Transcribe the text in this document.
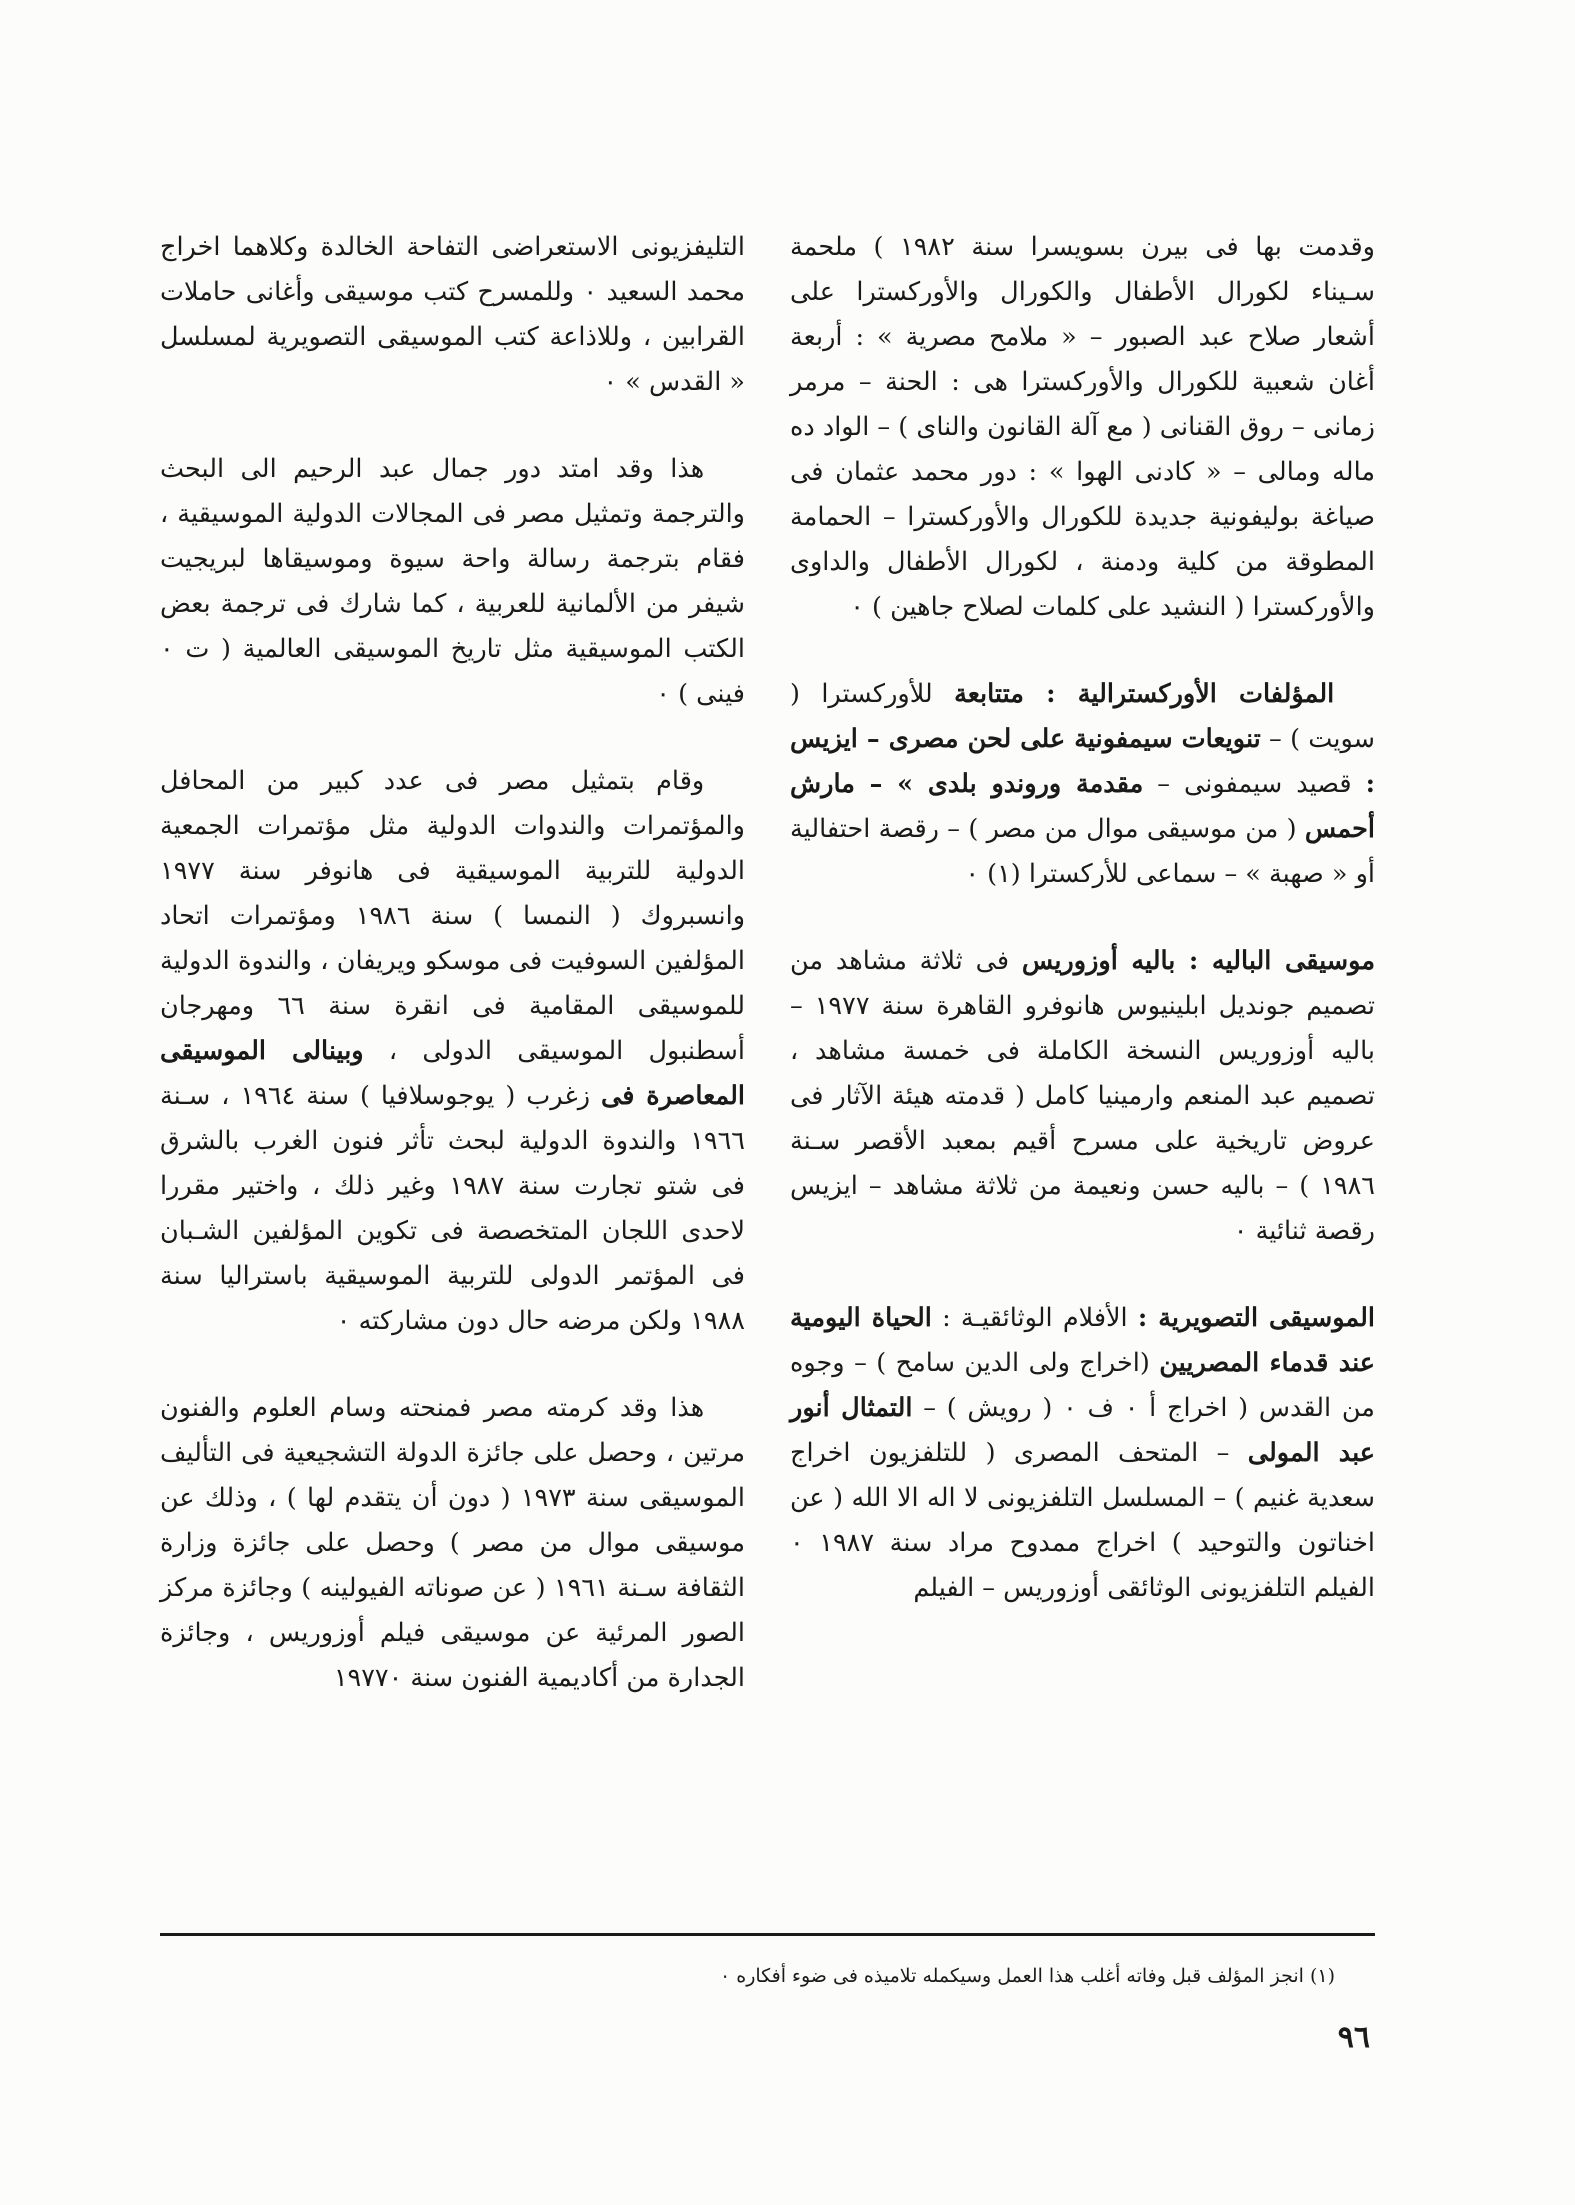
وقدمت بها فى بيرن بسويسرا سنة ١٩٨٢ ) ملحمة سـيناء لكورال الأطفال والكورال والأوركسترا على أشعار صلاح عبد الصبور – « ملامح مصرية » : أربعة أغان شعبية للكورال والأوركسترا هى : الحنة – مرمر زمانى – روق القنانى ( مع آلة القانون والناى ) – الواد ده ماله ومالى – « كادنى الهوا » : دور محمد عثمان فى صياغة بوليفونية جديدة للكورال والأوركسترا – الحمامة المطوقة من كلية ودمنة ، لكورال الأطفال والداوى والأوركسترا ( النشيد على كلمات لصلاح جاهين ) ٠

المؤلفات الأوركسترالية : متتابعة للأوركسترا ( سويت ) – تنويعات سيمفونية على لحن مصرى – ايزيس : قصيد سيمفونى – مقدمة وروندو بلدى » – مارش أحمس ( من موسيقى موال من مصر ) – رقصة احتفالية أو « صهبة » – سماعى للأركسترا (١) ٠

موسيقى الباليه : باليه أوزوريس فى ثلاثة مشاهد من تصميم جونديل ابلينيوس هانوفرو القاهرة سنة ١٩٧٧ – باليه أوزوريس النسخة الكاملة فى خمسة مشاهد ، تصميم عبد المنعم وارمينيا كامل ( قدمته هيئة الآثار فى عروض تاريخية على مسرح أقيم بمعبد الأقصر سـنة ١٩٨٦ ) – باليه حسن ونعيمة من ثلاثة مشاهد – ايزيس رقصة ثنائية ٠

الموسيقى التصويرية : الأفلام الوثائقيـة : الحياة اليومية عند قدماء المصريين (اخراج ولى الدين سامح ) – وجوه من القدس ( اخراج أ ٠ ف ٠ ( رويش ) – التمثال أنور عبد المولى – المتحف المصرى ( للتلفزيون اخراج سعدية غنيم ) – المسلسل التلفزيونى لا اله الا الله ( عن اخناتون والتوحيد ) اخراج ممدوح مراد سنة ١٩٨٧ ٠ الفيلم التلفزيونى الوثائقى أوزوريس – الفيلم

التليفزيونى الاستعراضى التفاحة الخالدة وكلاهما اخراج محمد السعيد ٠ وللمسرح كتب موسيقى وأغانى حاملات القرابين ، وللاذاعة كتب الموسيقى التصويرية لمسلسل « القدس » ٠

هذا وقد امتد دور جمال عبد الرحيم الى البحث والترجمة وتمثيل مصر فى المجالات الدولية الموسيقية ، فقام بترجمة رسالة واحة سيوة وموسيقاها لبريجيت شيفر من الألمانية للعربية ، كما شارك فى ترجمة بعض الكتب الموسيقية مثل تاريخ الموسيقى العالمية ( ت ٠ فينى ) ٠

وقام بتمثيل مصر فى عدد كبير من المحافل والمؤتمرات والندوات الدولية مثل مؤتمرات الجمعية الدولية للتربية الموسيقية فى هانوفر سنة ١٩٧٧ وانسبروك ( النمسا ) سنة ١٩٨٦ ومؤتمرات اتحاد المؤلفين السوفيت فى موسكو ويريفان ، والندوة الدولية للموسيقى المقامية فى انقرة سنة ٦٦ ومهرجان أسطنبول الموسيقى الدولى ، وبينالى الموسيقى المعاصرة فى زغرب ( يوجوسلافيا ) سنة ١٩٦٤ ، سـنة ١٩٦٦ والندوة الدولية لبحث تأثر فنون الغرب بالشرق فى شتو تجارت سنة ١٩٨٧ وغير ذلك ، واختير مقررا لاحدى اللجان المتخصصة فى تكوين المؤلفين الشـبان فى المؤتمر الدولى للتربية الموسيقية باستراليا سنة ١٩٨٨ ولكن مرضه حال دون مشاركته ٠

هذا وقد كرمته مصر فمنحته وسام العلوم والفنون مرتين ، وحصل على جائزة الدولة التشجيعية فى التأليف الموسيقى سنة ١٩٧٣ ( دون أن يتقدم لها ) ، وذلك عن موسيقى موال من مصر ) وحصل على جائزة وزارة الثقافة سـنة ١٩٦١ ( عن صوناته الفيولينه ) وجائزة مركز الصور المرئية عن موسيقى فيلم أوزوريس ، وجائزة الجدارة من أكاديمية الفنون سنة ١٩٧٧٠

(١) انجز المؤلف قبل وفاته أغلب هذا العمل وسيكمله تلاميذه فى ضوء أفكاره ٠
٩٦
